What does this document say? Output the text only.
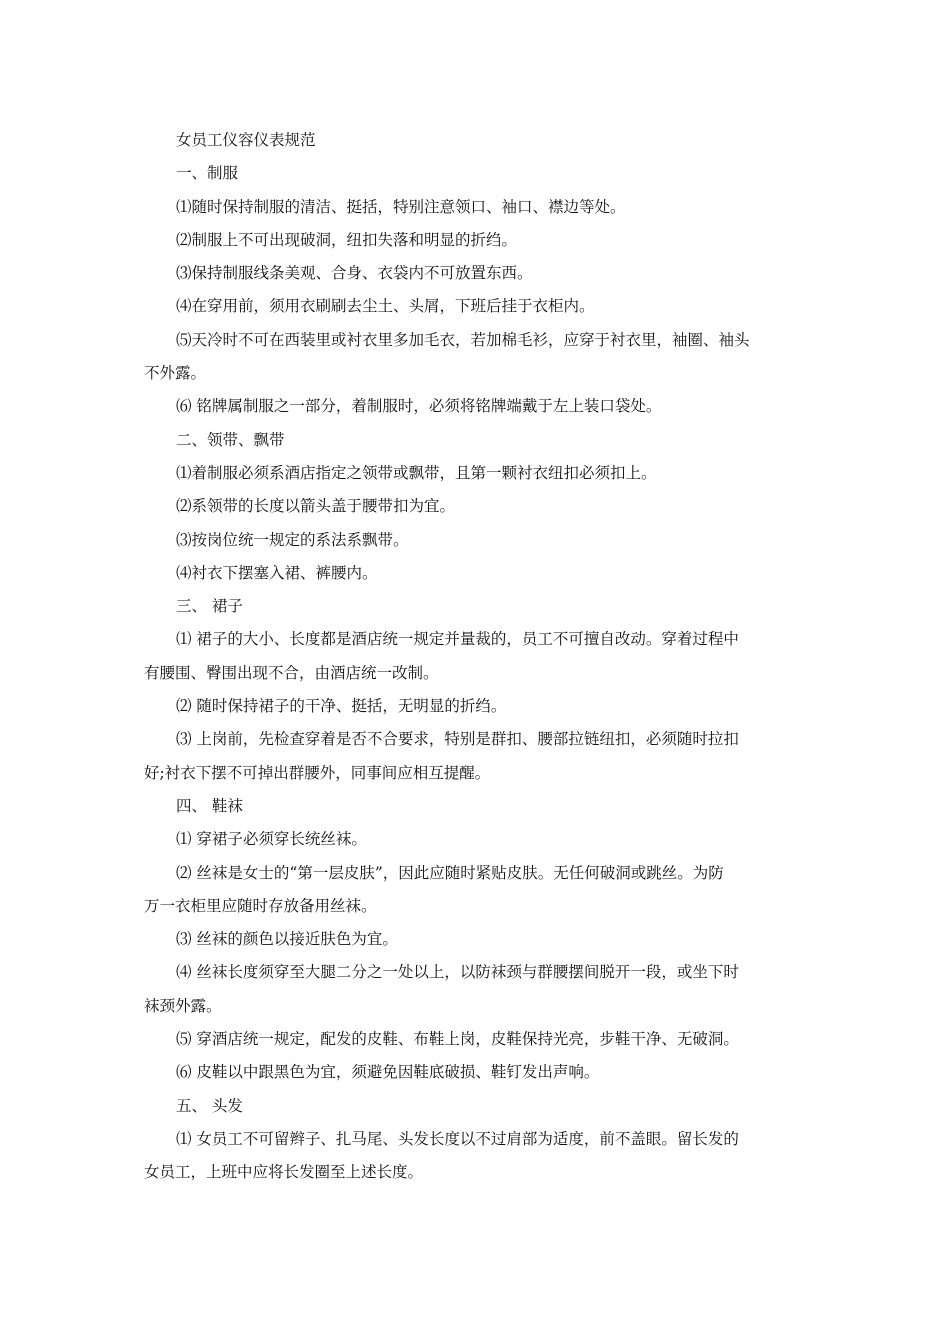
女员工仪容仪表规范

一、制服

⑴随时保持制服的清洁、挺括，特别注意领口、袖口、襟边等处。

⑵制服上不可出现破洞，纽扣失落和明显的折绉。

⑶保持制服线条美观、合身、衣袋内不可放置东西。

⑷在穿用前，须用衣刷刷去尘土、头屑，下班后挂于衣柜内。

⑸天冷时不可在西装里或衬衣里多加毛衣，若加棉毛衫，应穿于衬衣里，袖圈、袖头

不外露。

⑹ 铭牌属制服之一部分，着制服时，必须将铭牌端戴于左上装口袋处。

二、领带、飘带

⑴着制服必须系酒店指定之领带或飘带，且第一颗衬衣纽扣必须扣上。

⑵系领带的长度以箭头盖于腰带扣为宜。

⑶按岗位统一规定的系法系飘带。

⑷衬衣下摆塞入裙、裤腰内。

三、 裙子

⑴ 裙子的大小、长度都是酒店统一规定并量裁的，员工不可擅自改动。穿着过程中

有腰围、臀围出现不合，由酒店统一改制。

⑵ 随时保持裙子的干净、挺括，无明显的折绉。

⑶ 上岗前，先检查穿着是否不合要求，特别是群扣、腰部拉链纽扣，必须随时拉扣

好;衬衣下摆不可掉出群腰外，同事间应相互提醒。

四、 鞋袜

⑴ 穿裙子必须穿长统丝袜。

⑵ 丝袜是女士的“第一层皮肤”，因此应随时紧贴皮肤。无任何破洞或跳丝。为防

万一衣柜里应随时存放备用丝袜。

⑶ 丝袜的颜色以接近肤色为宜。

⑷ 丝袜长度须穿至大腿二分之一处以上，以防袜颈与群腰摆间脱开一段，或坐下时

袜颈外露。

⑸ 穿酒店统一规定，配发的皮鞋、布鞋上岗，皮鞋保持光亮，步鞋干净、无破洞。

⑹ 皮鞋以中跟黑色为宜，须避免因鞋底破损、鞋钉发出声响。

五、 头发

⑴ 女员工不可留辫子、扎马尾、头发长度以不过肩部为适度，前不盖眼。留长发的

女员工，上班中应将长发圈至上述长度。
